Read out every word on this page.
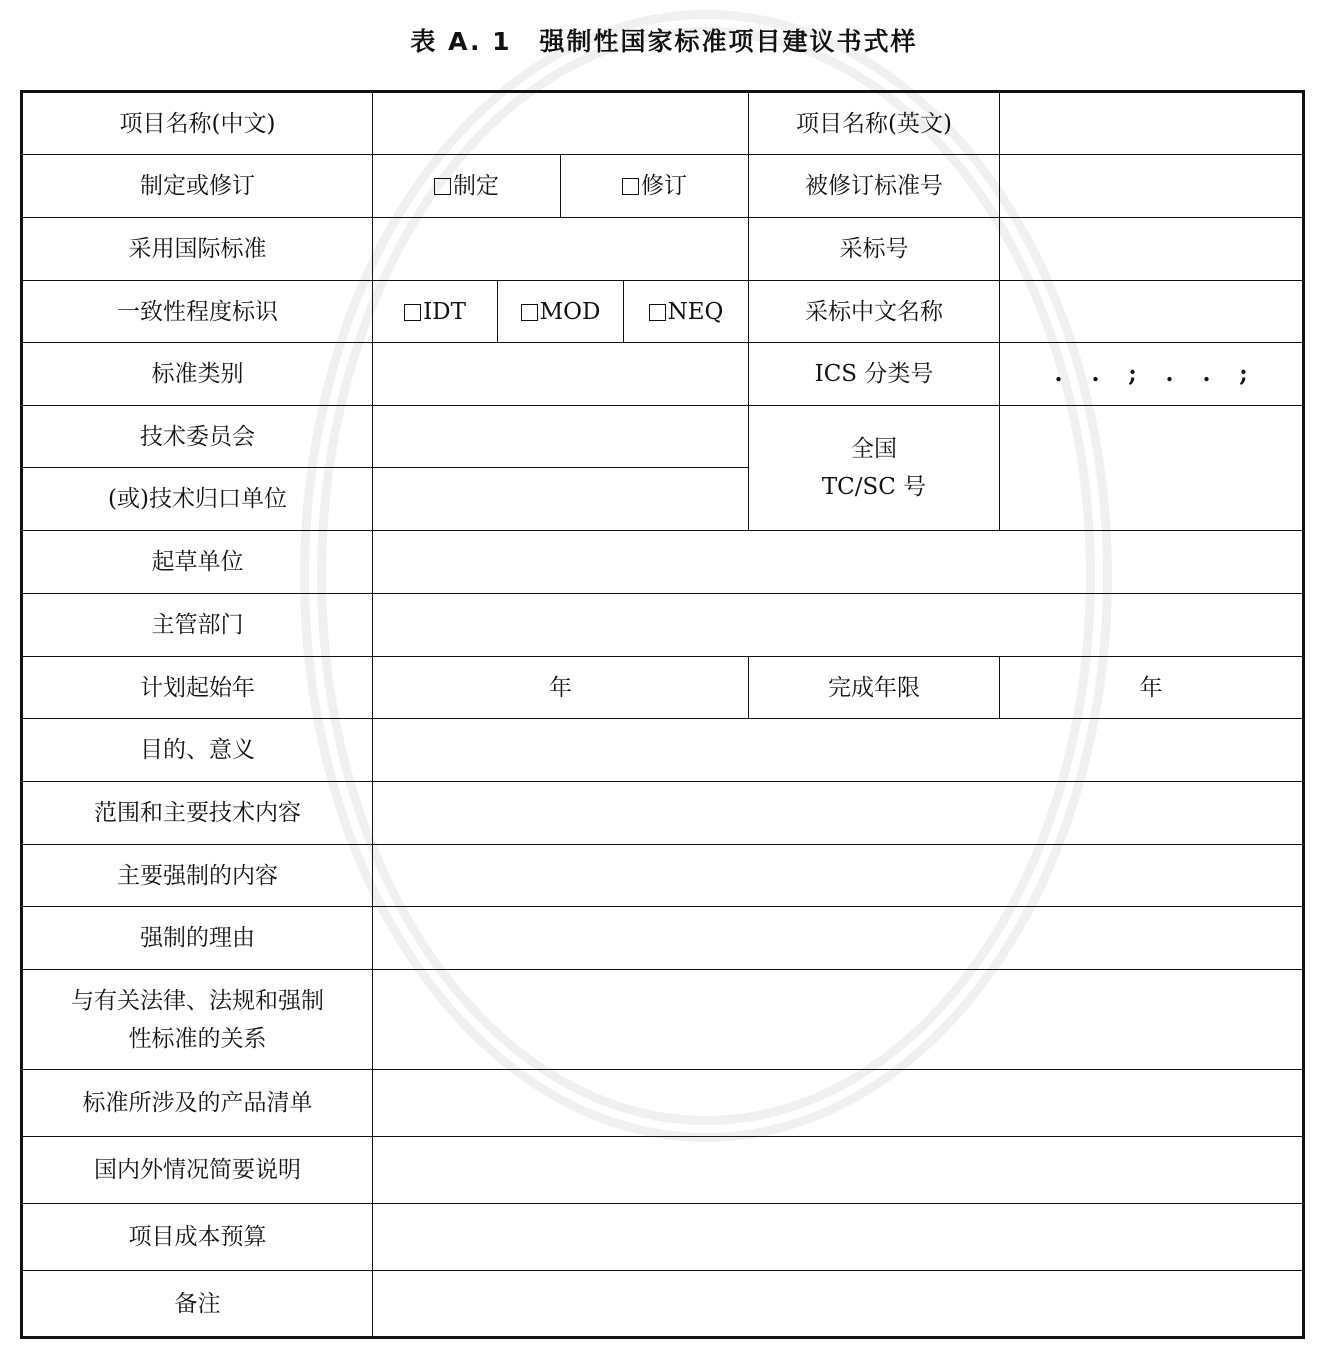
表 A. 1 强制性国家标准项目建议书式样
项目名称(中文)					项目名称(英文)	
制定或修订	制定		修订		被修订标准号	
采用国际标准					采标号	
一致性程度标识	IDT	MOD		NEQ	采标中文名称	
标准类别					ICS 分类号	. . ; . . ;
技术委员会					全国
TC/SC 号	

(或)技术归口单位						
起草单位						
主管部门						
计划起始年	年				完成年限	年
目的、意义						
范围和主要技术内容						
主要强制的内容						
强制的理由						

与有关法律、法规和强制
性标准的关系						

标准所涉及的产品清单						
国内外情况简要说明						
项目成本预算						
备注						
